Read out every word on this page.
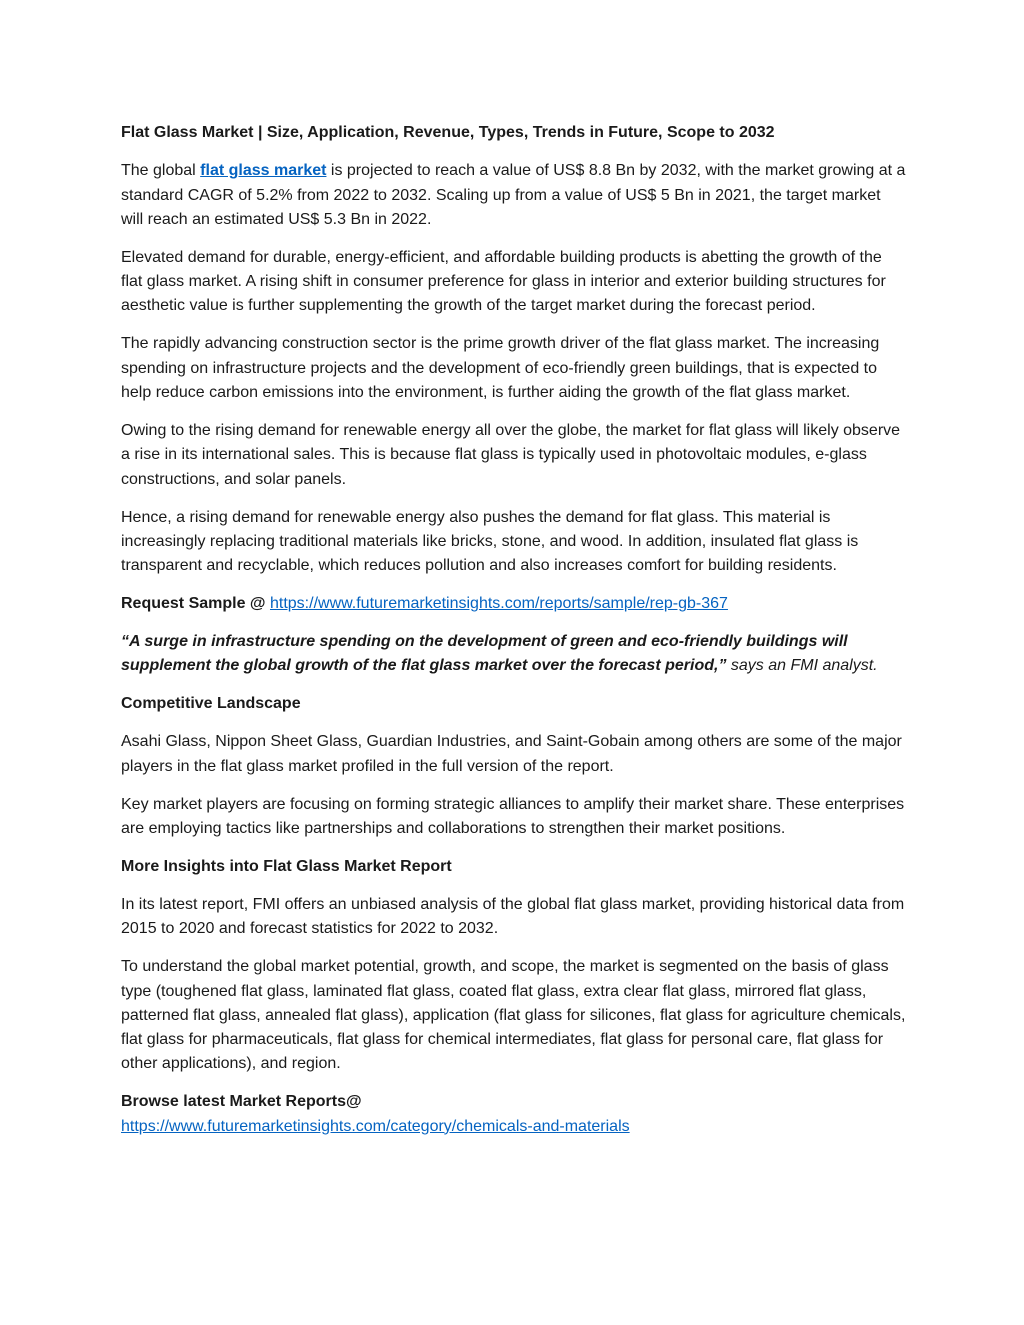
Flat Glass Market | Size, Application, Revenue, Types, Trends in Future, Scope to 2032

The global flat glass market is projected to reach a value of US$ 8.8 Bn by 2032, with the market growing at a standard CAGR of 5.2% from 2022 to 2032. Scaling up from a value of US$ 5 Bn in 2021, the target market will reach an estimated US$ 5.3 Bn in 2022.

Elevated demand for durable, energy-efficient, and affordable building products is abetting the growth of the flat glass market. A rising shift in consumer preference for glass in interior and exterior building structures for aesthetic value is further supplementing the growth of the target market during the forecast period.

The rapidly advancing construction sector is the prime growth driver of the flat glass market. The increasing spending on infrastructure projects and the development of eco-friendly green buildings, that is expected to help reduce carbon emissions into the environment, is further aiding the growth of the flat glass market.

Owing to the rising demand for renewable energy all over the globe, the market for flat glass will likely observe a rise in its international sales. This is because flat glass is typically used in photovoltaic modules, e-glass constructions, and solar panels.

Hence, a rising demand for renewable energy also pushes the demand for flat glass. This material is increasingly replacing traditional materials like bricks, stone, and wood. In addition, insulated flat glass is transparent and recyclable, which reduces pollution and also increases comfort for building residents.

Request Sample @ https://www.futuremarketinsights.com/reports/sample/rep-gb-367

“A surge in infrastructure spending on the development of green and eco-friendly buildings will supplement the global growth of the flat glass market over the forecast period,” says an FMI analyst.

Competitive Landscape

Asahi Glass, Nippon Sheet Glass, Guardian Industries, and Saint-Gobain among others are some of the major players in the flat glass market profiled in the full version of the report.

Key market players are focusing on forming strategic alliances to amplify their market share. These enterprises are employing tactics like partnerships and collaborations to strengthen their market positions.

More Insights into Flat Glass Market Report

In its latest report, FMI offers an unbiased analysis of the global flat glass market, providing historical data from 2015 to 2020 and forecast statistics for 2022 to 2032.

To understand the global market potential, growth, and scope, the market is segmented on the basis of glass type (toughened flat glass, laminated flat glass, coated flat glass, extra clear flat glass, mirrored flat glass, patterned flat glass, annealed flat glass), application (flat glass for silicones, flat glass for agriculture chemicals, flat glass for pharmaceuticals, flat glass for chemical intermediates, flat glass for personal care, flat glass for other applications), and region.

Browse latest Market Reports@
https://www.futuremarketinsights.com/category/chemicals-and-materials
